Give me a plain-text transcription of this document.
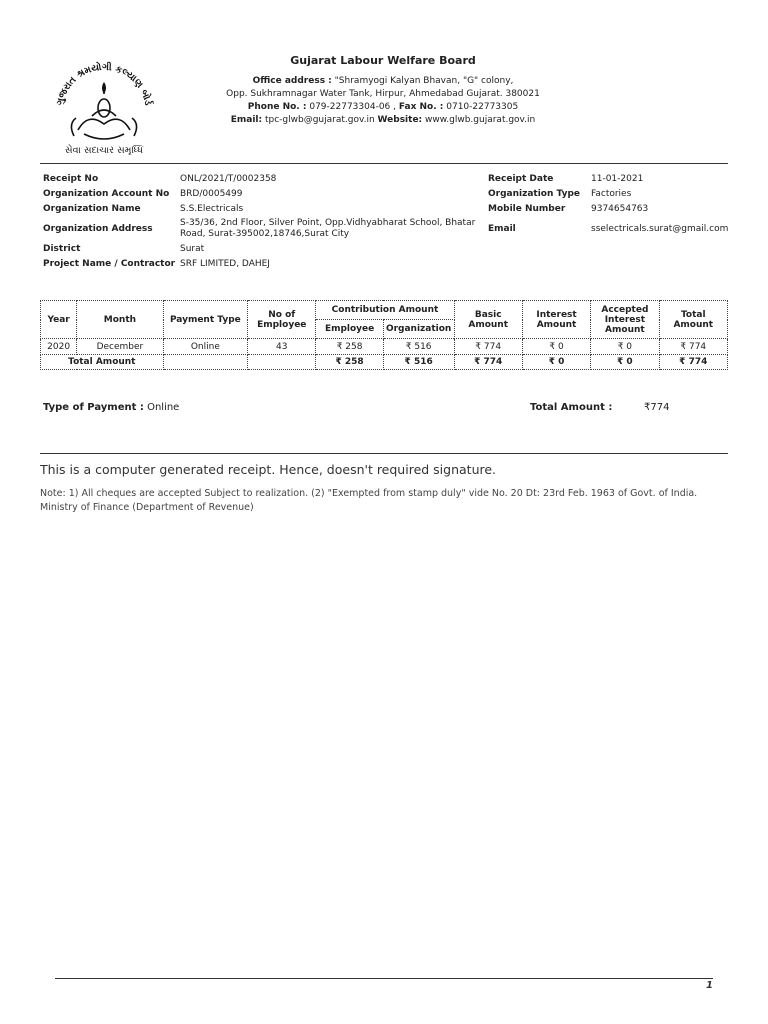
ગુજરાત શ્રમયોગી કલ્યાણ બોર્ડ
સેવા સદાચાર સમૃધ્ધિ
Gujarat Labour Welfare Board
Office address : "Shramyogi Kalyan Bhavan, "G" colony,
Opp. Sukhramnagar Water Tank, Hirpur, Ahmedabad Gujarat. 380021
Phone No. : 079-22773304-06 , Fax No. : 0710-22773305
Email: tpc-glwb@gujarat.gov.in Website: www.glwb.gujarat.gov.in
Receipt No	ONL/2021/T/0002358
Organization Account No BRD/0005499
Organization Name	S.S.Electricals
Organization Address
S-35/36, 2nd Floor, Silver Point, Opp.Vidhyabharat School, Bhatar Road, Surat-395002,18746,Surat City
District	Surat
Project Name / Contractor SRF LIMITED, DAHEJ
Receipt Date	11-01-2021
Organization Type Factories
Mobile Number	9374654763
Email	sselectricals.surat@gmail.com
Year	Month	Payment Type	No of Employee	Contribution Amount		Basic Amount	Interest Amount	Accepted Interest Amount	Total Amount
				Employee	Organization				
2020	December	Online	43	₹ 258	₹ 516	₹ 774	₹ 0	₹ 0	₹ 774
Total Amount				₹ 258	₹ 516	₹ 774	₹ 0	₹ 0	₹ 774
Type of Payment : Online	Total Amount :	₹774
This is a computer generated receipt. Hence, doesn't required signature.
Note: 1) All cheques are accepted Subject to realization. (2) "Exempted from stamp duly" vide No. 20 Dt: 23rd Feb. 1963 of Govt. of India. Ministry of Finance (Department of Revenue)
1
